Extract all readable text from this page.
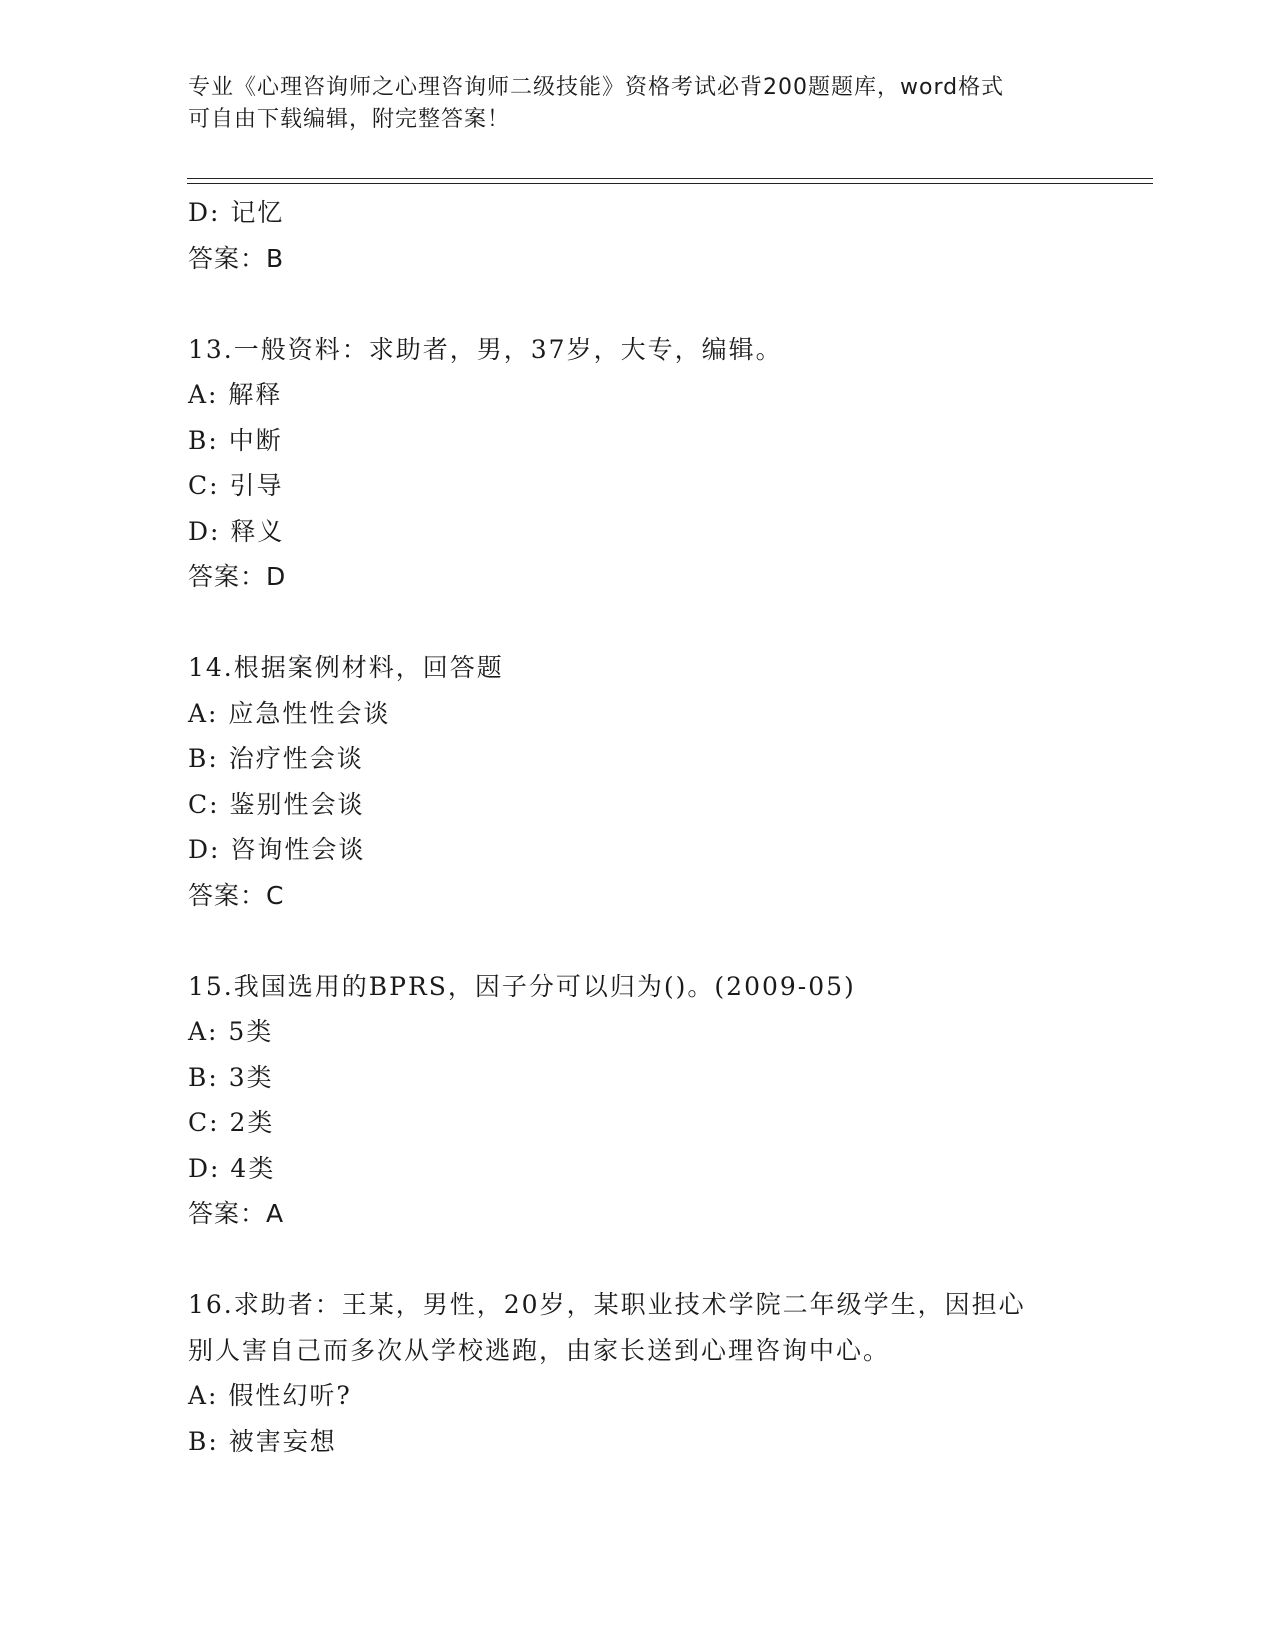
专业《心理咨询师之心理咨询师二级技能》资格考试必背200题题库，word格式
可自由下载编辑，附完整答案！
D: 记忆
答案：B
13.一般资料：求助者，男，37岁，大专，编辑。
A: 解释
B: 中断
C: 引导
D: 释义
答案：D
14.根据案例材料，回答题
A: 应急性性会谈
B: 治疗性会谈
C: 鉴别性会谈
D: 咨询性会谈
答案：C
15.我国选用的BPRS，因子分可以归为()。(2009-05)
A: 5类
B: 3类
C: 2类
D: 4类
答案：A
16.求助者：王某，男性，20岁，某职业技术学院二年级学生，因担心
别人害自己而多次从学校逃跑，由家长送到心理咨询中心。
A: 假性幻听?
B: 被害妄想
